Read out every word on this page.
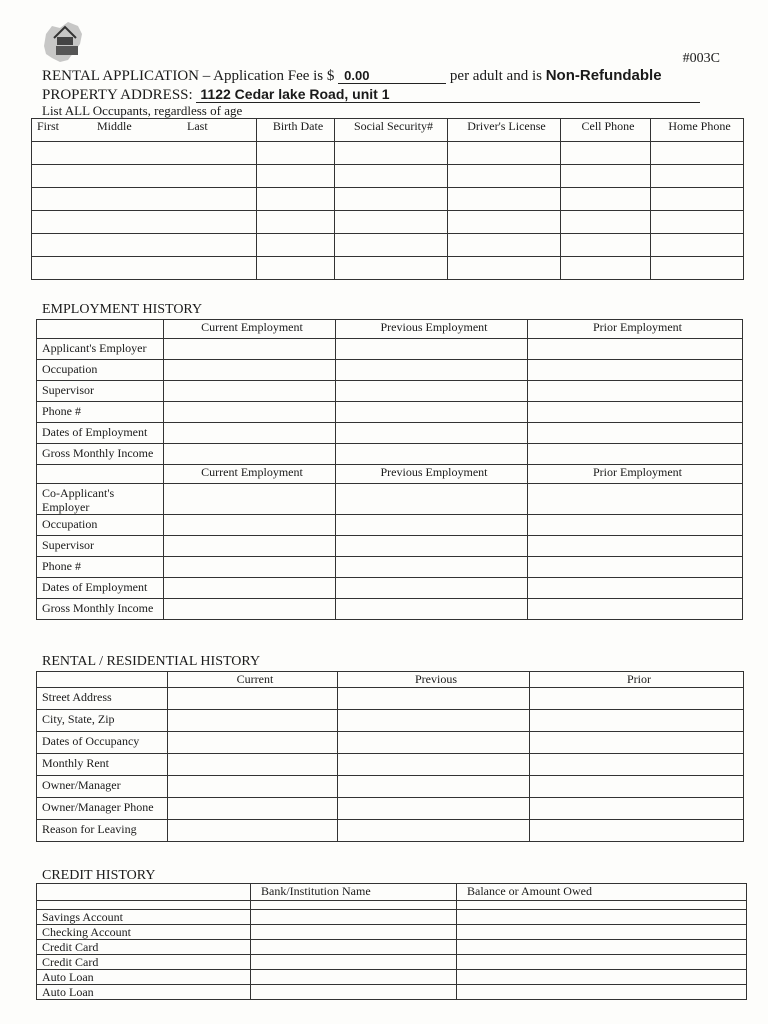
#003C
RENTAL APPLICATION – Application Fee is $ 0.00	per adult and is Non-Refundable
PROPERTY ADDRESS: 1122 Cedar lake Road, unit 1
List ALL Occupants, regardless of age
First Middle Last	Birth Date	Social Security#	Driver's License	Cell Phone	Home Phone

EMPLOYMENT HISTORY
	Current Employment	Previous Employment	Prior Employment
Applicant's Employer			
Occupation			
Supervisor			
Phone #			
Dates of Employment			
Gross Monthly Income			
	Current Employment	Previous Employment	Prior Employment
Co-Applicant's Employer			
Occupation			
Supervisor			
Phone #			
Dates of Employment			
Gross Monthly Income			
RENTAL / RESIDENTIAL HISTORY
	Current	Previous	Prior
Street Address			
City, State, Zip			
Dates of Occupancy			
Monthly Rent			
Owner/Manager			
Owner/Manager Phone			
Reason for Leaving			
CREDIT HISTORY
	Bank/Institution Name	Balance or Amount Owed

Savings Account		
Checking Account		
Credit Card		
Credit Card		
Auto Loan		
Auto Loan		
